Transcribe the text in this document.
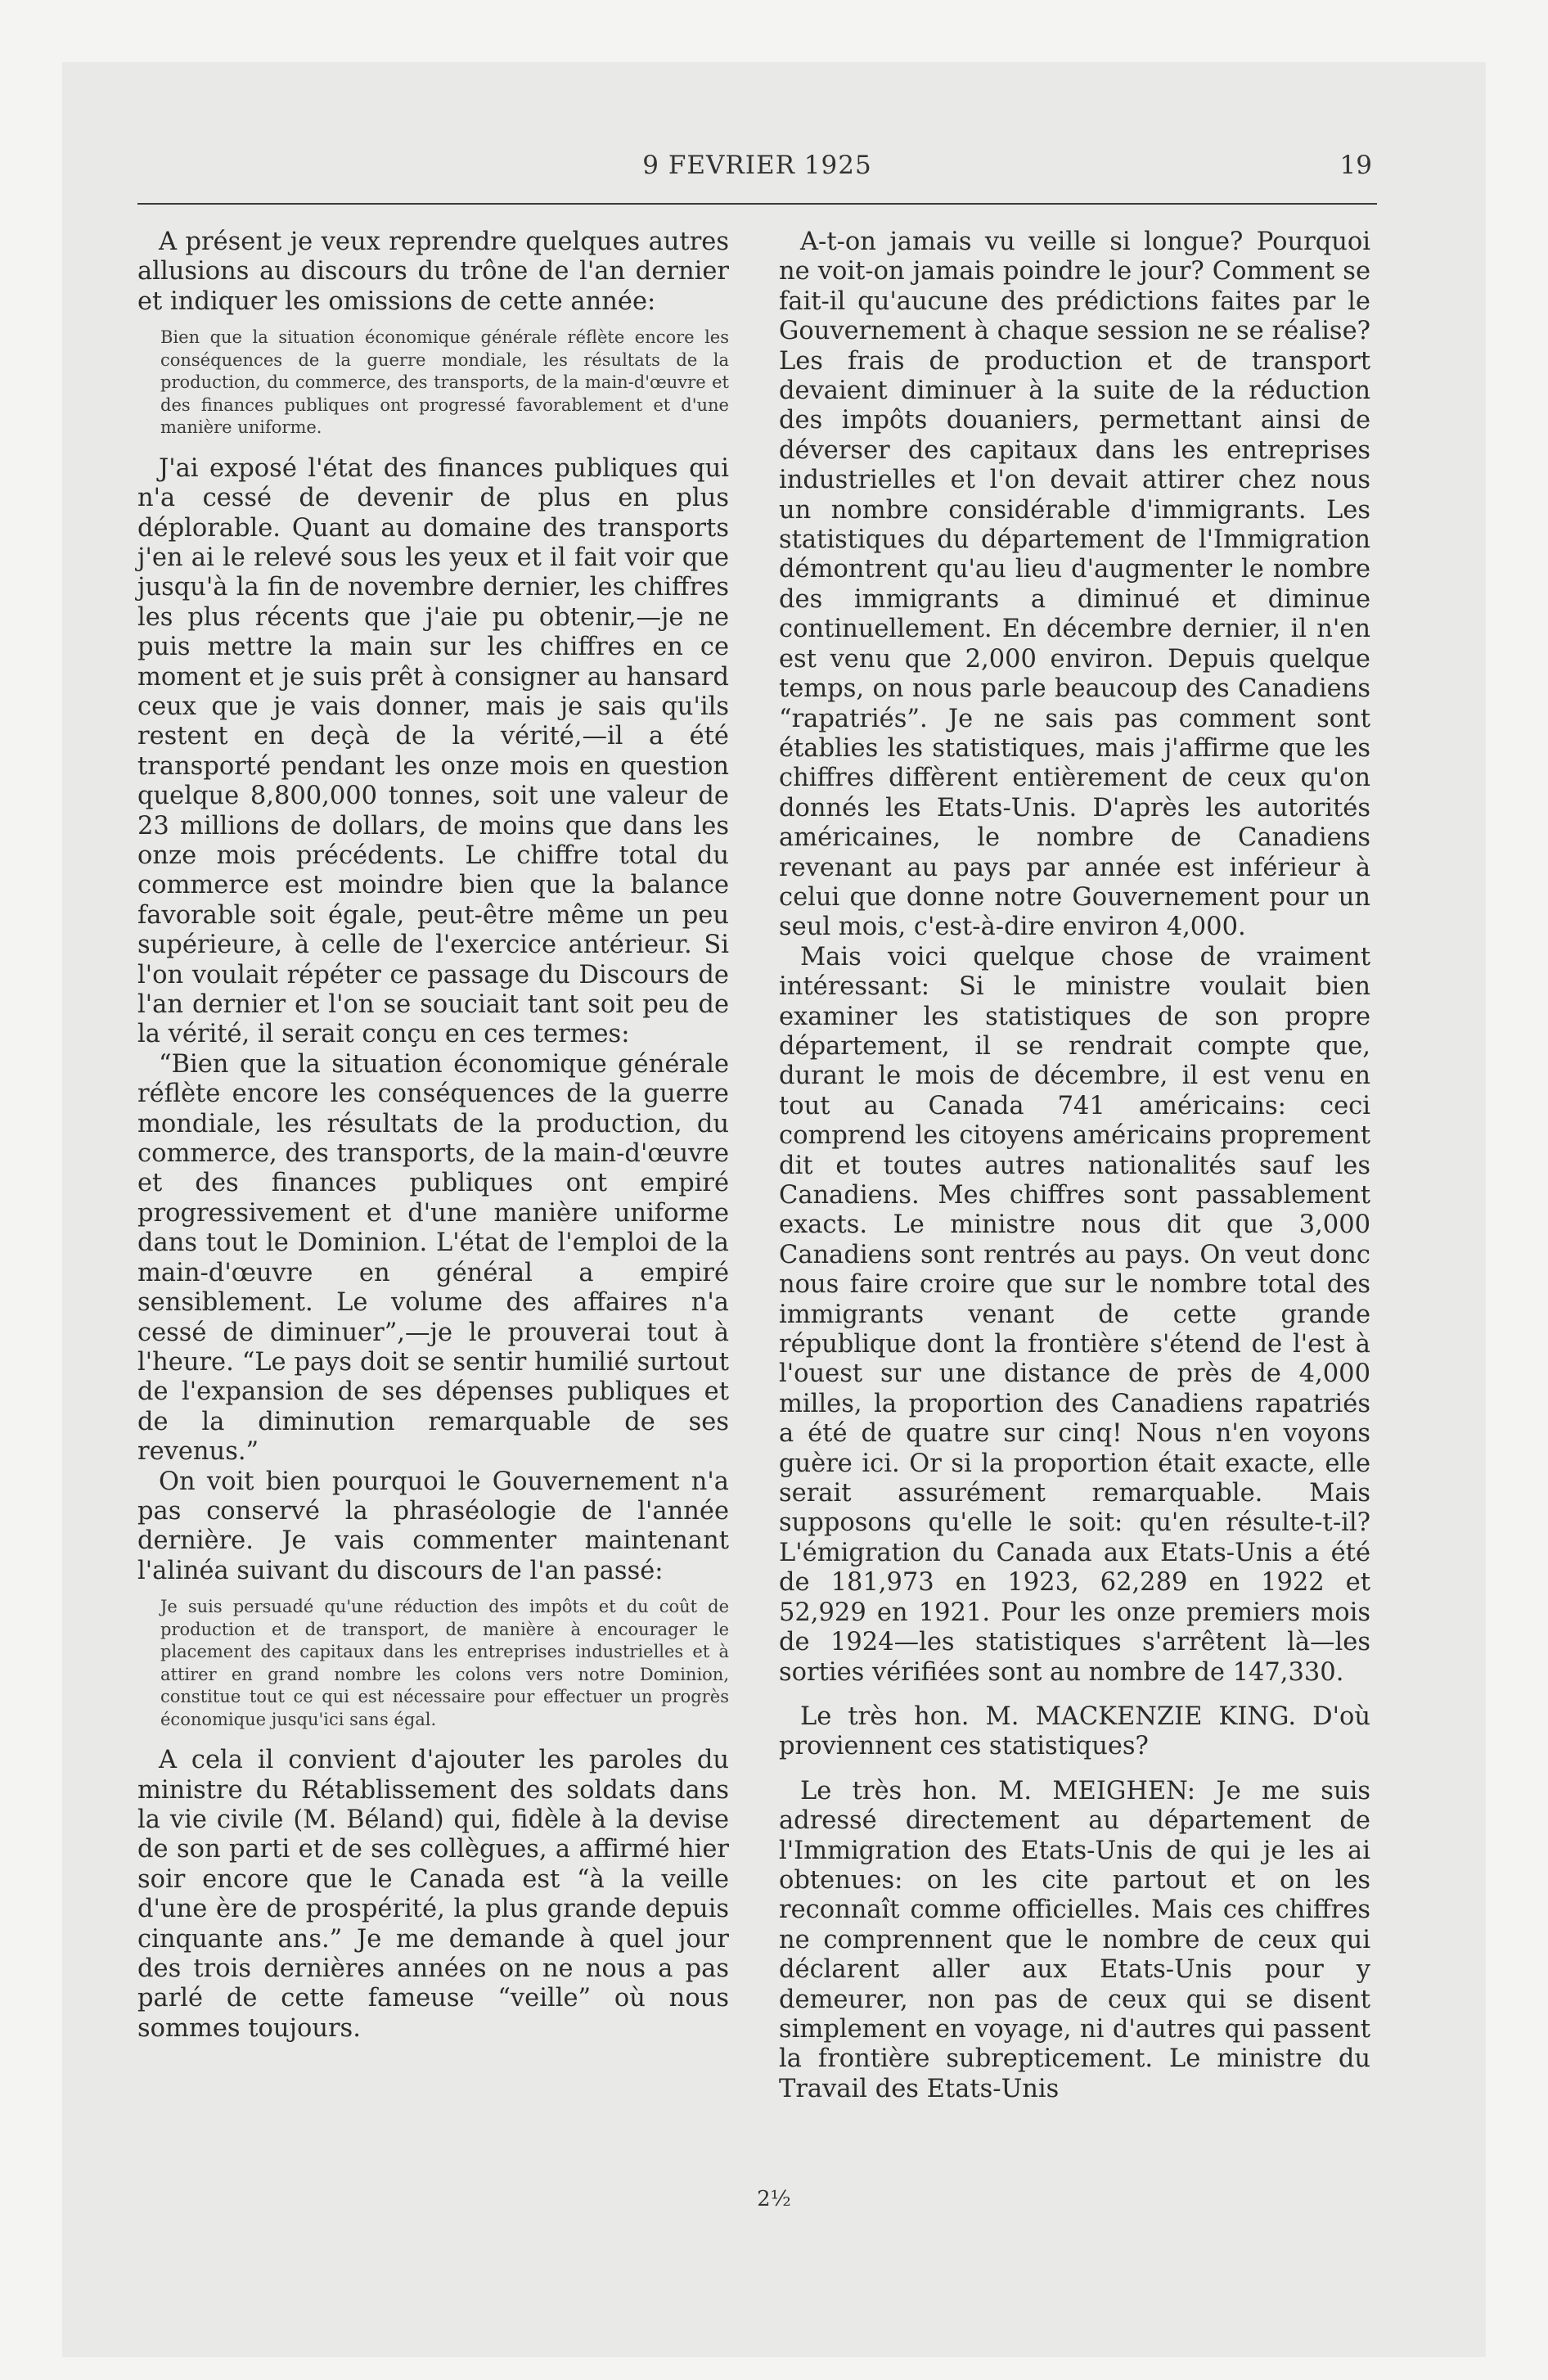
9 FEVRIER 1925	19

A présent je veux reprendre quelques autres allusions au discours du trône de l'an dernier et indiquer les omissions de cette année:

Bien que la situation économique générale réflète encore les conséquences de la guerre mondiale, les résultats de la production, du commerce, des transports, de la main-d'œuvre et des finances publiques ont progressé favorablement et d'une manière uniforme.

J'ai exposé l'état des finances publiques qui n'a cessé de devenir de plus en plus déplorable. Quant au domaine des transports j'en ai le relevé sous les yeux et il fait voir que jusqu'à la fin de novembre dernier, les chiffres les plus récents que j'aie pu obtenir,—je ne puis mettre la main sur les chiffres en ce moment et je suis prêt à consigner au hansard ceux que je vais donner, mais je sais qu'ils restent en deçà de la vérité,—il a été transporté pendant les onze mois en question quelque 8,800,000 tonnes, soit une valeur de 23 millions de dollars, de moins que dans les onze mois précédents. Le chiffre total du commerce est moindre bien que la balance favorable soit égale, peut-être même un peu supérieure, à celle de l'exercice antérieur. Si l'on voulait répéter ce passage du Discours de l'an dernier et l'on se souciait tant soit peu de la vérité, il serait conçu en ces termes:

“Bien que la situation économique générale réflète encore les conséquences de la guerre mondiale, les résultats de la production, du commerce, des transports, de la main-d'œuvre et des finances publiques ont empiré progressivement et d'une manière uniforme dans tout le Dominion. L'état de l'emploi de la main-d'œuvre en général a empiré sensiblement. Le volume des affaires n'a cessé de diminuer”,—je le prouverai tout à l'heure. “Le pays doit se sentir humilié surtout de l'expansion de ses dépenses publiques et de la diminution remarquable de ses revenus.”

On voit bien pourquoi le Gouvernement n'a pas conservé la phraséologie de l'année dernière. Je vais commenter maintenant l'alinéa suivant du discours de l'an passé:

Je suis persuadé qu'une réduction des impôts et du coût de production et de transport, de manière à encourager le placement des capitaux dans les entreprises industrielles et à attirer en grand nombre les colons vers notre Dominion, constitue tout ce qui est nécessaire pour effectuer un progrès économique jusqu'ici sans égal.

A cela il convient d'ajouter les paroles du ministre du Rétablissement des soldats dans la vie civile (M. Béland) qui, fidèle à la devise de son parti et de ses collègues, a affirmé hier soir encore que le Canada est “à la veille d'une ère de prospérité, la plus grande depuis cinquante ans.” Je me demande à quel jour des trois dernières années on ne nous a pas parlé de cette fameuse “veille” où nous sommes toujours.

A-t-on jamais vu veille si longue? Pourquoi ne voit-on jamais poindre le jour? Comment se fait-il qu'aucune des prédictions faites par le Gouvernement à chaque session ne se réalise? Les frais de production et de transport devaient diminuer à la suite de la réduction des impôts douaniers, permettant ainsi de déverser des capitaux dans les entreprises industrielles et l'on devait attirer chez nous un nombre considérable d'immigrants. Les statistiques du département de l'Immigration démontrent qu'au lieu d'augmenter le nombre des immigrants a diminué et diminue continuellement. En décembre dernier, il n'en est venu que 2,000 environ. Depuis quelque temps, on nous parle beaucoup des Canadiens “rapatriés”. Je ne sais pas comment sont établies les statistiques, mais j'affirme que les chiffres diffèrent entièrement de ceux qu'on donnés les Etats-Unis. D'après les autorités américaines, le nombre de Canadiens revenant au pays par année est inférieur à celui que donne notre Gouvernement pour un seul mois, c'est-à-dire environ 4,000.

Mais voici quelque chose de vraiment intéressant: Si le ministre voulait bien examiner les statistiques de son propre département, il se rendrait compte que, durant le mois de décembre, il est venu en tout au Canada 741 américains: ceci comprend les citoyens américains proprement dit et toutes autres nationalités sauf les Canadiens. Mes chiffres sont passablement exacts. Le ministre nous dit que 3,000 Canadiens sont rentrés au pays. On veut donc nous faire croire que sur le nombre total des immigrants venant de cette grande république dont la frontière s'étend de l'est à l'ouest sur une distance de près de 4,000 milles, la proportion des Canadiens rapatriés a été de quatre sur cinq! Nous n'en voyons guère ici. Or si la proportion était exacte, elle serait assurément remarquable. Mais supposons qu'elle le soit: qu'en résulte-t-il? L'émigration du Canada aux Etats-Unis a été de 181,973 en 1923, 62,289 en 1922 et 52,929 en 1921. Pour les onze premiers mois de 1924—les statistiques s'arrêtent là—les sorties vérifiées sont au nombre de 147,330.

Le très hon. M. MACKENZIE KING. D'où proviennent ces statistiques?

Le très hon. M. MEIGHEN: Je me suis adressé directement au département de l'Immigration des Etats-Unis de qui je les ai obtenues: on les cite partout et on les reconnaît comme officielles. Mais ces chiffres ne comprennent que le nombre de ceux qui déclarent aller aux Etats-Unis pour y demeurer, non pas de ceux qui se disent simplement en voyage, ni d'autres qui passent la frontière subrepticement. Le ministre du Travail des Etats-Unis

2½
